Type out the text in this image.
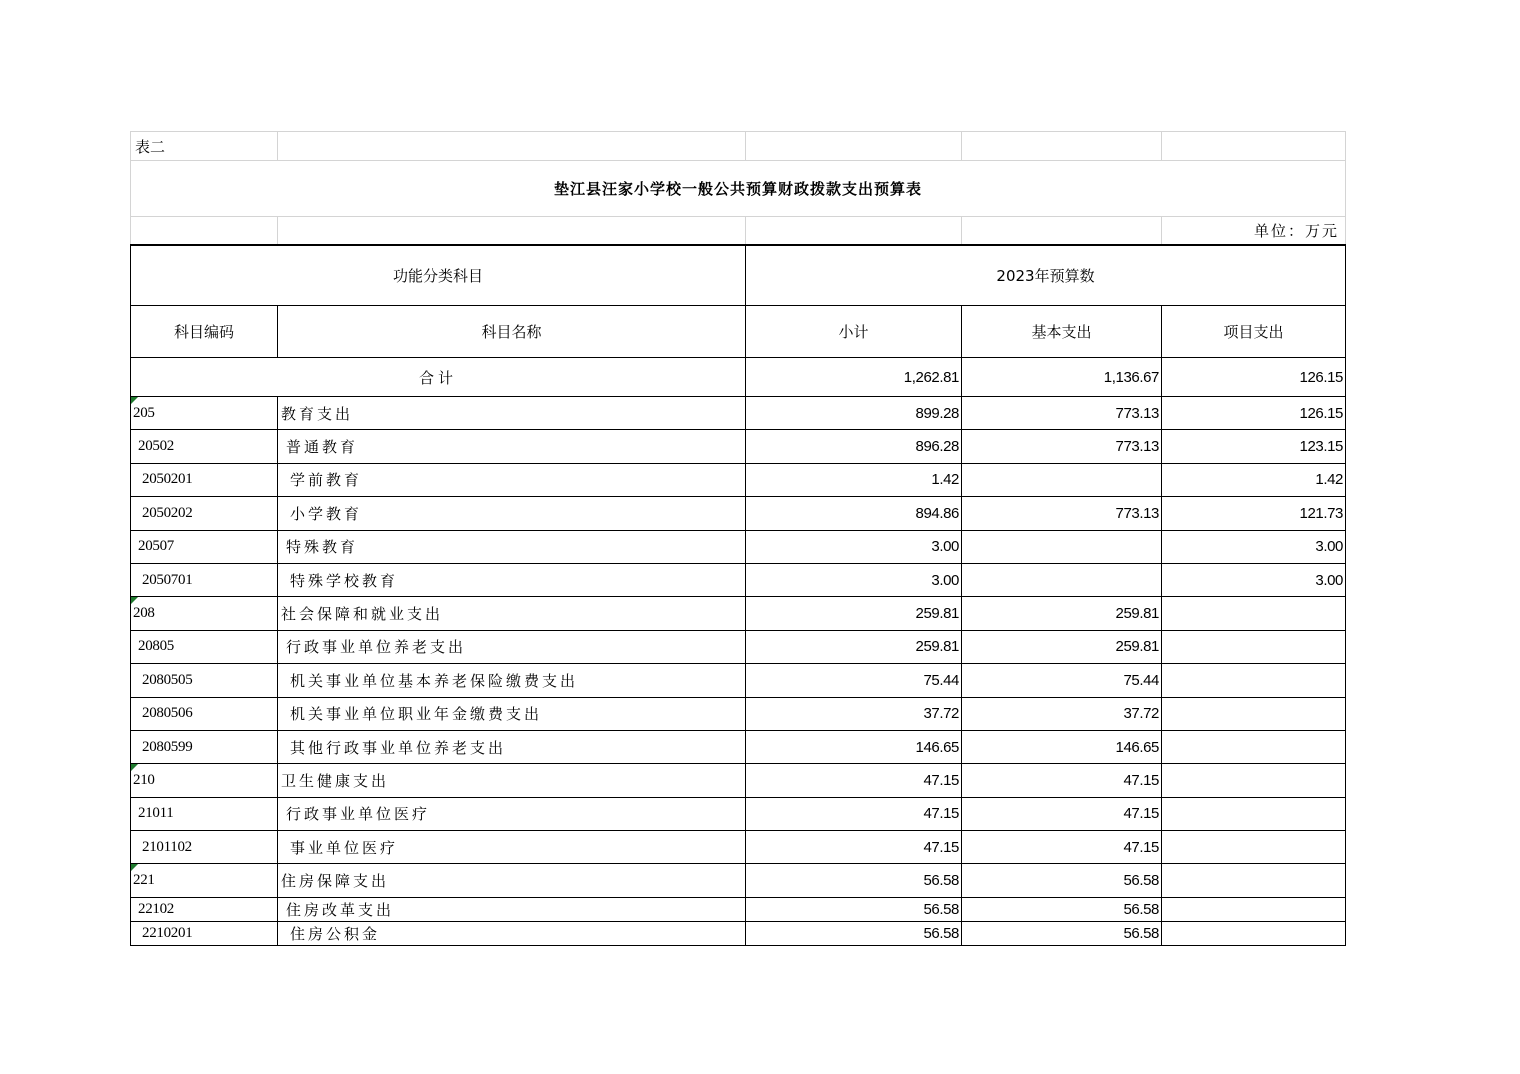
表二				
垫江县汪家小学校一般公共预算财政拨款支出预算表				
				单位：万元
功能分类科目		2023年预算数		
科目编码	科目名称	小计	基本支出	项目支出
合计		1,262.81	1,136.67	126.15
205	教育支出	899.28	773.13	126.15
20502	普通教育	896.28	773.13	123.15
2050201	学前教育	1.42		1.42
2050202	小学教育	894.86	773.13	121.73
20507	特殊教育	3.00		3.00
2050701	特殊学校教育	3.00		3.00
208	社会保障和就业支出	259.81	259.81	
20805	行政事业单位养老支出	259.81	259.81	
2080505	机关事业单位基本养老保险缴费支出	75.44	75.44	
2080506	机关事业单位职业年金缴费支出	37.72	37.72	
2080599	其他行政事业单位养老支出	146.65	146.65	
210	卫生健康支出	47.15	47.15	
21011	行政事业单位医疗	47.15	47.15	
2101102	事业单位医疗	47.15	47.15	
221	住房保障支出	56.58	56.58	
22102	住房改革支出	56.58	56.58	
2210201	住房公积金	56.58	56.58	
